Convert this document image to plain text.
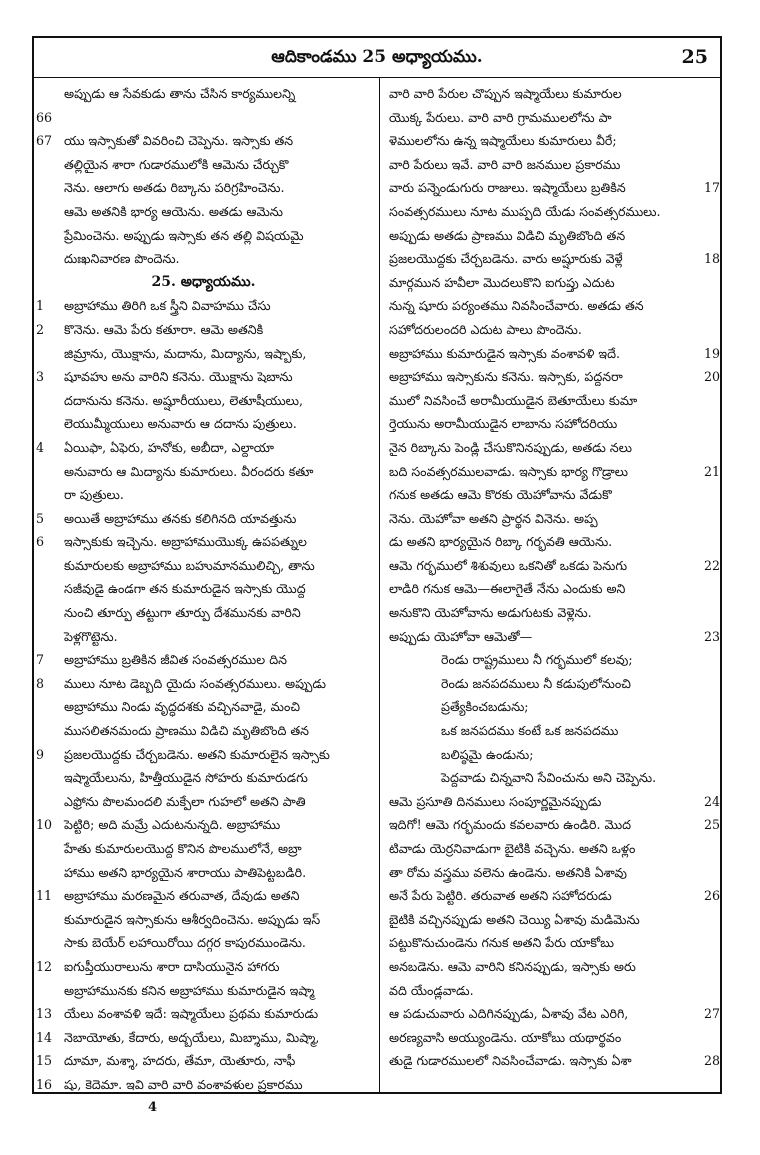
ఆదికాండము 25 అధ్యాయము.	25
అప్పుడు ఆ సేవకుడు తాను చేసిన కార్యములన్ని
66
యు ఇస్సాకుతో వివరించి చెప్పెను. ఇస్సాకు తన
67
తల్లియైన శారా గుడారములోకి ఆమెను చేర్చుకొ
నెను. ఆలాగు అతడు రిబ్కాను పరిగ్రహించెను.
ఆమె అతనికి భార్య ఆయెను. అతడు ఆమెను
ప్రేమించెను. అప్పుడు ఇస్సాకు తన తల్లి విషయమై
దుఃఖనివారణ పొందెను.
25. అధ్యాయము.
అబ్రాహాము తిరిగి ఒక స్త్రీని వివాహము చేసు
1
కొనెను. ఆమె పేరు కతూరా. ఆమె అతనికి
2
జిమ్రాను, యొక్షాను, మదాను, మిద్యాను, ఇష్బాకు,
షూవహు అను వారిని కనెను. యొక్షాను షెబాను
3
దదానును కనెను. అష్షూరీయులు, లెతూషీయులు,
లెయుమ్మీయులు అనువారు ఆ దదాను పుత్రులు.
ఏయిఫా, ఏఫెరు, హనోకు, అబీదా, ఎల్దాయా
4
అనువారు ఆ మిద్యాను కుమారులు. వీరందరు కతూ
రా పుత్రులు.
అయితే అబ్రాహాము తనకు కలిగినది యావత్తును
5
ఇస్సాకుకు ఇచ్చెను. అబ్రాహాముయొక్క ఉపపత్నుల
6
కుమారులకు అబ్రాహాము బహుమానములిచ్చి, తాను
సజీవుడై ఉండగా తన కుమారుడైన ఇస్సాకు యొద్ద
నుంచి తూర్పు తట్టుగా తూర్పు దేశమునకు వారిని
పెళ్లగొట్టెను.
అబ్రాహాము బ్రతికిన జీవిత సంవత్సరముల దిన
7
ములు నూట డెబ్బది యైదు సంవత్సరములు. అప్పుడు
8
అబ్రాహాము నిండు వృద్ధదశకు వచ్చినవాడై, మంచి
ముసలితనమందు ప్రాణము విడిచి మృతిబొంది తన
ప్రజలయొద్దకు చేర్చబడెను. అతని కుమారులైన ఇస్సాకు
9
ఇష్మాయేలును, హిత్తీయుడైన సోహరు కుమారుడగు
ఎఫ్రోను పొలమందలి మక్పేలా గుహలో అతని పాతి
పెట్టిరి; అది మమ్రే ఎదుటనున్నది. అబ్రాహాము
10
హేతు కుమారులయొద్ద కొనిన పొలములోనే, అబ్రా
హాము అతని భార్యయైన శారాయు పాతిపెట్టబడిరి.
అబ్రాహాము మరణమైన తరువాత, దేవుడు అతని
11
కుమారుడైన ఇస్సాకును ఆశీర్వదించెను. అప్పుడు ఇస్
సాకు బెయేర్ లహాయిరోయి దగ్గర కాపురముండెను.
ఐగుప్తీయురాలును శారా దాసియునైన హాగరు
12
అబ్రాహామునకు కనిన అబ్రాహాము కుమారుడైన ఇష్మా
యేలు వంశావళి ఇదే: ఇష్మాయేలు ప్రథమ కుమారుడు
13
నెబాయోతు, కేదారు, అద్బయేలు, మిబ్శాము, మిష్మా,
14
దూమా, మశ్శా, హదరు, తేమా, యెతూరు, నాఫీ
15
షు, కెదెమా. ఇవి వారి వారి వంశావళుల ప్రకారము
16
వారి వారి పేరుల చొప్పున ఇష్మాయేలు కుమారుల
యొక్క పేరులు. వారి వారి గ్రామములలోను పా
ళెములలోను ఉన్న ఇష్మాయేలు కుమారులు వీరే;
వారి పేరులు ఇవే. వారి వారి జనముల ప్రకారము
వారు పన్నెండుగురు రాజులు. ఇష్మాయేలు బ్రతికిన	17
సంవత్సరములు నూట ముప్పది యేడు సంవత్సరములు.
అప్పుడు అతడు ప్రాణము విడిచి మృతిబొంది తన
ప్రజలయొద్దకు చేర్చబడెను. వారు అష్షూరుకు వెళ్లే	18
మార్గమున హవీలా మొదలుకొని ఐగుప్తు ఎదుట
నున్న షూరు పర్యంతము నివసించేవారు. అతడు తన
సహోదరులందరి ఎదుట పాలు పొందెను.
అబ్రాహాము కుమారుడైన ఇస్సాకు వంశావళి ఇదే.	19
అబ్రాహాము ఇస్సాకును కనెను. ఇస్సాకు, పద్దనరా	20
ములో నివసించే అరామీయుడైన బెతూయేలు కుమా
ర్తెయును అరామీయుడైన లాబాను సహోదరియు
నైన రిబ్కాను పెండ్లి చేసుకొనినప్పుడు, అతడు నలు
బది సంవత్సరములవాడు. ఇస్సాకు భార్య గొడ్రాలు	21
గనుక అతడు ఆమె కొరకు యెహోవాను వేడుకొ
నెను. యెహోవా అతని ప్రార్థన వినెను. అప్ప
డు అతని భార్యయైన రిబ్కా గర్భవతి ఆయెను.
ఆమె గర్భములో శిశువులు ఒకనితో ఒకడు పెనుగు	22
లాడిరి గనుక ఆమె—ఈలాగైతే నేను ఎందుకు అని
అనుకొని యెహోవాను అడుగుటకు వెళ్లెను.
అప్పుడు యెహోవా ఆమెతో—	23
రెండు రాష్ట్రములు నీ గర్భములో కలవు;
రెండు జనపదములు నీ కడుపులోనుంచి
ప్రత్యేకించబడును;
ఒక జనపదము కంటే ఒక జనపదము
బలిష్ఠమై ఉండును;
పెద్దవాడు చిన్నవాని సేవించును అని చెప్పెను.
ఆమె ప్రసూతి దినములు సంపూర్ణమైనప్పుడు	24
ఇదిగో! ఆమె గర్భమందు కవలవారు ఉండిరి. మొద	25
టివాడు యెర్రనివాడుగా బైటికి వచ్చెను. అతని ఒళ్లం
తా రోమ వస్త్రము వలెను ఉండెను. అతనికి ఏశావు
అనే పేరు పెట్టిరి. తరువాత అతని సహోదరుడు	26
బైటికి వచ్చినప్పుడు అతని చెయ్యి ఏశావు మడిమెను
పట్టుకొనుచుండెను గనుక అతని పేరు యాకోబు
అనబడెను. ఆమె వారిని కనినప్పుడు, ఇస్సాకు అరు
వది యేండ్లవాడు.
ఆ పడుచువారు ఎదిగినప్పుడు, ఏశావు వేట ఎరిగి,	27
అరణ్యవాసి అయ్యుండెను. యాకోబు యథార్థవం
తుడై గుడారములలో నివసించేవాడు. ఇస్సాకు ఏశా	28
4
